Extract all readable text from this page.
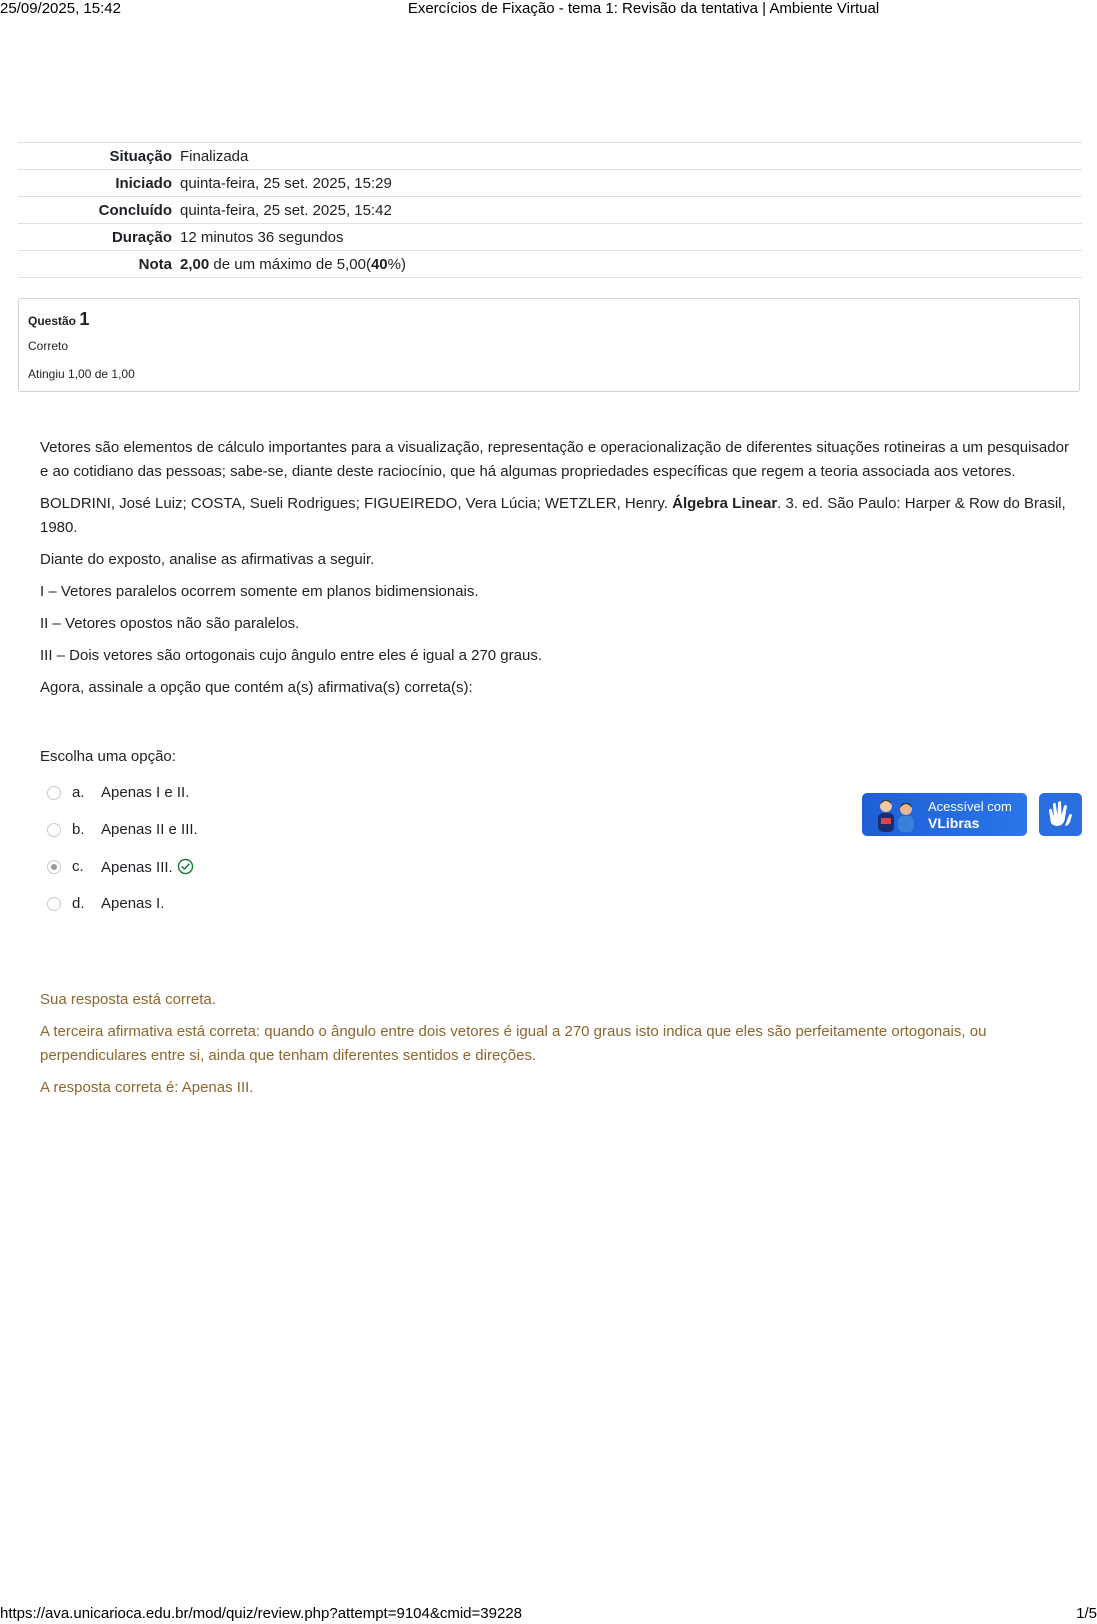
25/09/2025, 15:42	Exercícios de Fixação - tema 1: Revisão da tentativa | Ambiente Virtual
Situação	Finalizada
Iniciado	quinta-feira, 25 set. 2025, 15:29
Concluído	quinta-feira, 25 set. 2025, 15:42
Duração	12 minutos 36 segundos
Nota	2,00 de um máximo de 5,00(40%)
Questão 1
Correto
Atingiu 1,00 de 1,00

Vetores são elementos de cálculo importantes para a visualização, representação e operacionalização de diferentes situações rotineiras a um pesquisador e ao cotidiano das pessoas; sabe-se, diante deste raciocínio, que há algumas propriedades específicas que regem a teoria associada aos vetores.

BOLDRINI, José Luiz; COSTA, Sueli Rodrigues; FIGUEIREDO, Vera Lúcia; WETZLER, Henry. Álgebra Linear. 3. ed. São Paulo: Harper & Row do Brasil, 1980.

Diante do exposto, analise as afirmativas a seguir.

I – Vetores paralelos ocorrem somente em planos bidimensionais.

II – Vetores opostos não são paralelos.

III – Dois vetores são ortogonais cujo ângulo entre eles é igual a 270 graus.

Agora, assinale a opção que contém a(s) afirmativa(s) correta(s):

Escolha uma opção:
a. Apenas I e II.
b. Apenas II e III.
c. Apenas III.
d. Apenas I.
Acessível com
VLibras

Sua resposta está correta.

A terceira afirmativa está correta: quando o ângulo entre dois vetores é igual a 270 graus isto indica que eles são perfeitamente ortogonais, ou perpendiculares entre si, ainda que tenham diferentes sentidos e direções.

A resposta correta é: Apenas III.

https://ava.unicarioca.edu.br/mod/quiz/review.php?attempt=9104&cmid=39228	1/5
